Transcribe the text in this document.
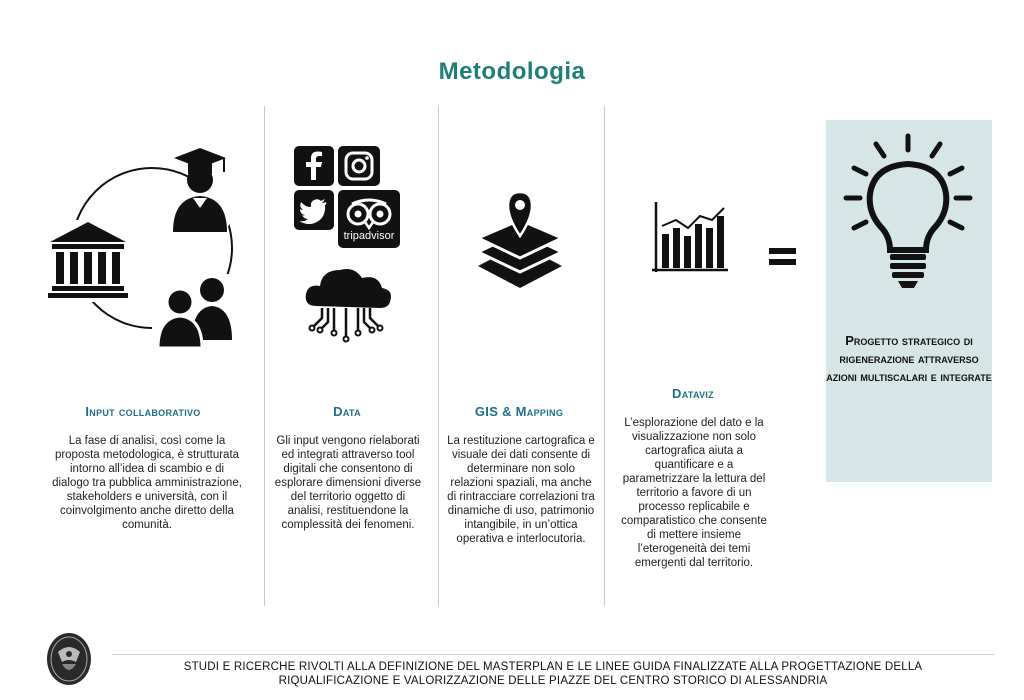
Metodologia
tripadvisor
Progetto strategico di rigenerazione attraverso azioni multiscalari e integrate
Input collaborativo	Data	GIS & Mapping
Dataviz
La fase di analisi, così come la proposta metodologica, è strutturata intorno all’idea di scambio e di dialogo tra pubblica amministrazione, stakeholders e università, con il coinvolgimento anche diretto della comunità.
Gli input vengono rielaborati ed integrati attraverso tool digitali che consentono di esplorare dimensioni diverse del territorio oggetto di analisi, restituendone la complessità dei fenomeni.
La restituzione cartografica e visuale dei dati consente di determinare non solo relazioni spaziali, ma anche di rintracciare correlazioni tra dinamiche di uso, patrimonio intangibile, in un’ottica operativa e interlocutoria.
L’esplorazione del dato e la visualizzazione non solo cartografica aiuta a quantificare e a parametrizzare la lettura del territorio a favore di un processo replicabile e comparatistico che consente di mettere insieme l’eterogeneità dei temi emergenti dal territorio.
STUDI E RICERCHE RIVOLTI ALLA DEFINIZIONE DEL MASTERPLAN E LE LINEE GUIDA FINALIZZATE ALLA PROGETTAZIONE DELLA
RIQUALIFICAZIONE E VALORIZZAZIONE DELLE PIAZZE DEL CENTRO STORICO DI ALESSANDRIA
